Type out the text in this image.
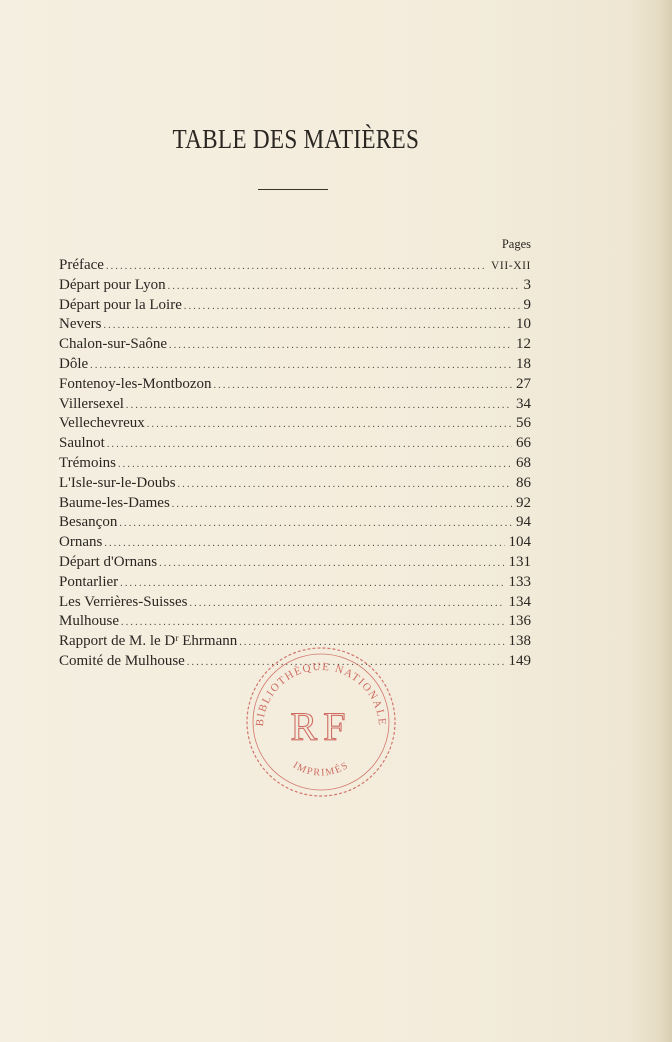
TABLE DES MATIÈRES
Pages
Préface .....	VII-XII
Départ pour Lyon .....	3
Départ pour la Loire .....	9
Nevers .....	10
Chalon-sur-Saône .....	12
Dôle .....	18
Fontenoy-les-Montbozon .....	27
Villersexel .....	34
Vellechevreux .....	56
Saulnot .....	66
Trémoins .....	68
L'Isle-sur-le-Doubs .....	86
Baume-les-Dames .....	92
Besançon .....	94
Ornans .....	104
Départ d'Ornans .....	131
Pontarlier .....	133
Les Verrières-Suisses .....	134
Mulhouse .....	136
Rapport de M. le Dʳ Ehrmann .....	138
Comité de Mulhouse .....	149
BIBLIOTHÈQUE NATIONALE
IMPRIMÉS
RF
